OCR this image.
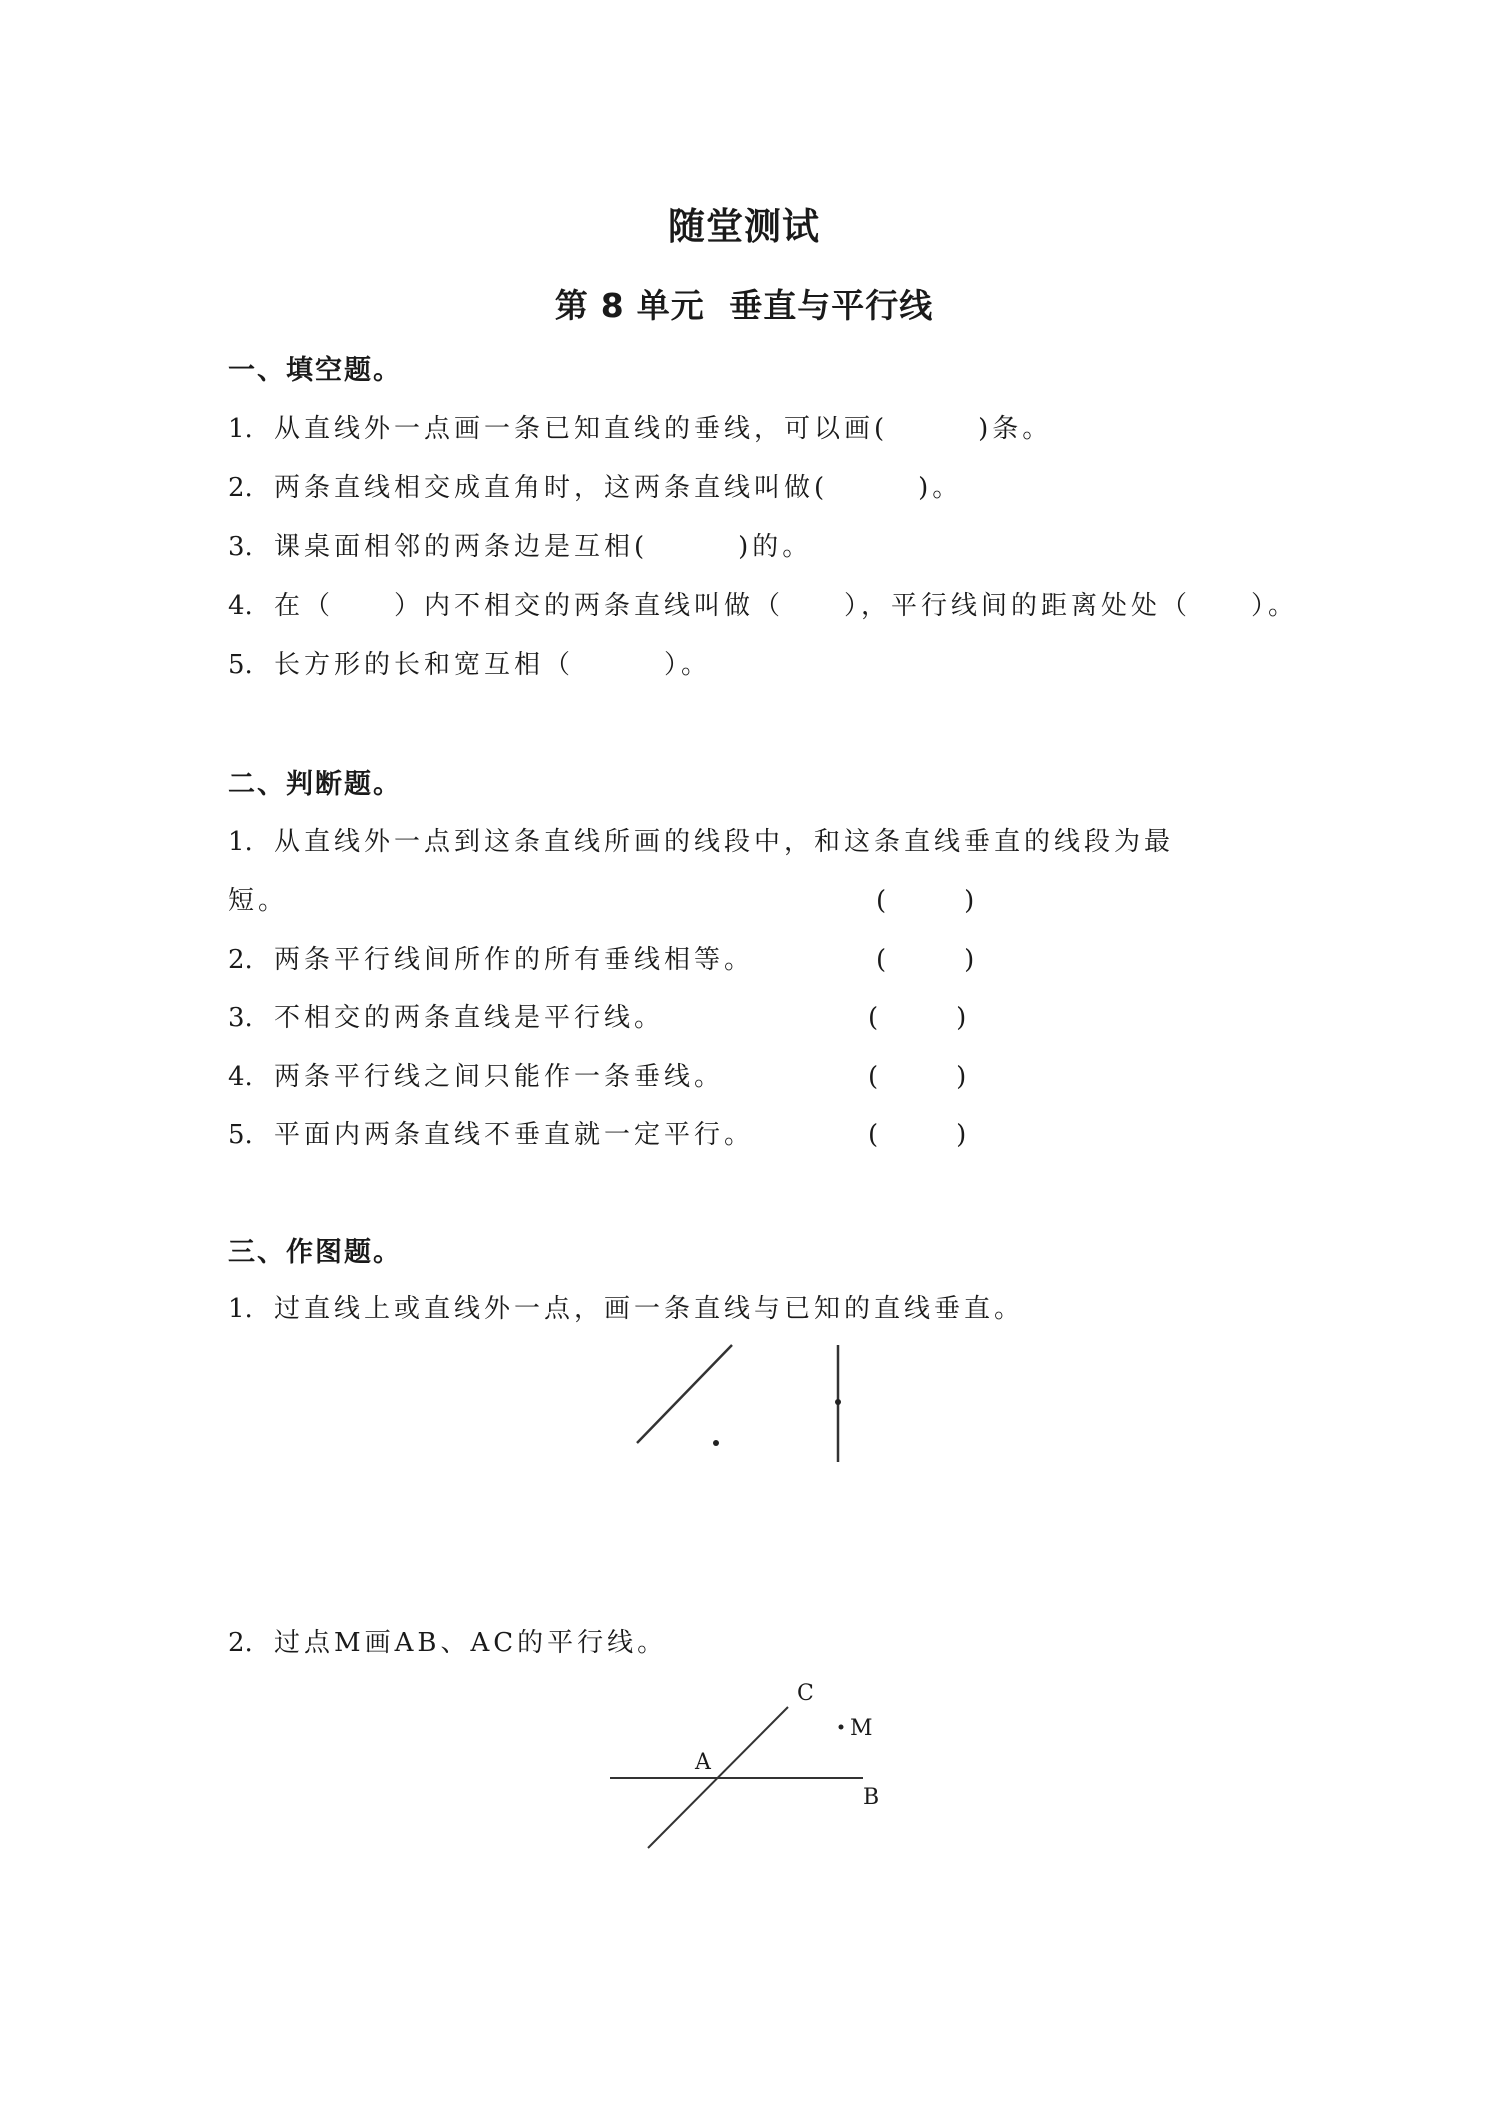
随堂测试
第 8 单元 垂直与平行线
一、填空题。
1. 从直线外一点画一条已知直线的垂线，可以画(　　　)条。
2. 两条直线相交成直角时，这两条直线叫做(　　　)。
3. 课桌面相邻的两条边是互相(　　　)的。
4. 在（　　）内不相交的两条直线叫做（　　），平行线间的距离处处（　　）。
5. 长方形的长和宽互相（　　　）。
二、判断题。
1. 从直线外一点到这条直线所画的线段中，和这条直线垂直的线段为最
短。	(　　　)
2. 两条平行线间所作的所有垂线相等。	(　　　)
3. 不相交的两条直线是平行线。	(　　　)
4. 两条平行线之间只能作一条垂线。	(　　　)
5. 平面内两条直线不垂直就一定平行。	(　　　)
三、作图题。
1. 过直线上或直线外一点，画一条直线与已知的直线垂直。
2. 过点M画AB、AC的平行线。
C
M
A
B
